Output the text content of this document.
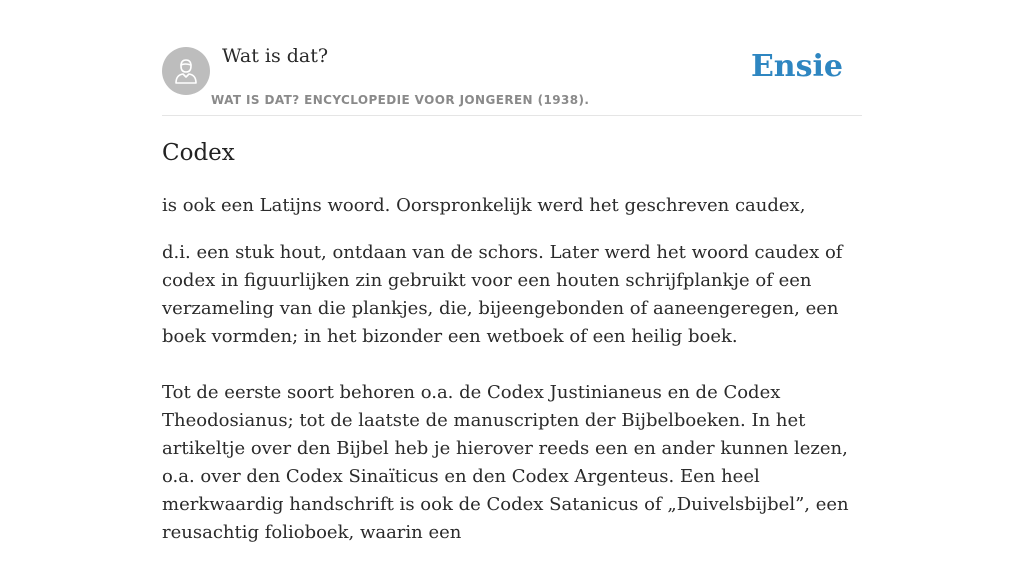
Wat is dat?
WAT IS DAT? ENCYCLOPEDIE VOOR JONGEREN (1938).
Ensie
Codex

is ook een Latijns woord. Oorspronkelijk werd het geschreven caudex,

d.i. een stuk hout, ontdaan van de schors. Later werd het woord caudex of codex in figuurlijken zin gebruikt voor een houten schrijfplankje of een verzameling van die plankjes, die, bijeengebonden of aaneengeregen, een boek vormden; in het bizonder een wetboek of een heilig boek.

Tot de eerste soort behoren o.a. de Codex Justinianeus en de Codex Theodosianus; tot de laatste de manuscripten der Bijbelboeken. In het artikeltje over den Bijbel heb je hierover reeds een en ander kunnen lezen, o.a. over den Codex Sinaïticus en den Codex Argenteus. Een heel merkwaardig handschrift is ook de Codex Satanicus of „Duivelsbijbel”, een reusachtig folioboek, waarin een
